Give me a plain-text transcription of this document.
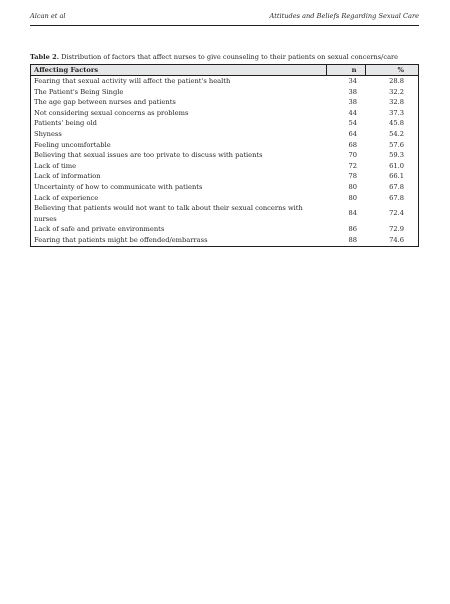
Alcan et al	Attitudes and Beliefs Regarding Sexual Care
Table 2. Distribution of factors that affect nurses to give counseling to their patients on sexual concerns/care
Affecting Factors	n	%
Fearing that sexual activity will affect the patient's health	34	28.8
The Patient's Being Single	38	32.2
The age gap between nurses and patients	38	32.8
Not considering sexual concerns as problems	44	37.3
Patients' being old	54	45.8
Shyness	64	54.2
Feeling uncomfortable	68	57.6
Believing that sexual issues are too private to discuss with patients	70	59.3
Lack of time	72	61.0
Lack of information	78	66.1
Uncertainty of how to communicate with patients	80	67.8
Lack of experience	80	67.8
Believing that patients would not want to talk about their sexual concerns with nurses	84	72.4
Lack of safe and private environments	86	72.9
Fearing that patients might be offended/embarrass	88	74.6
